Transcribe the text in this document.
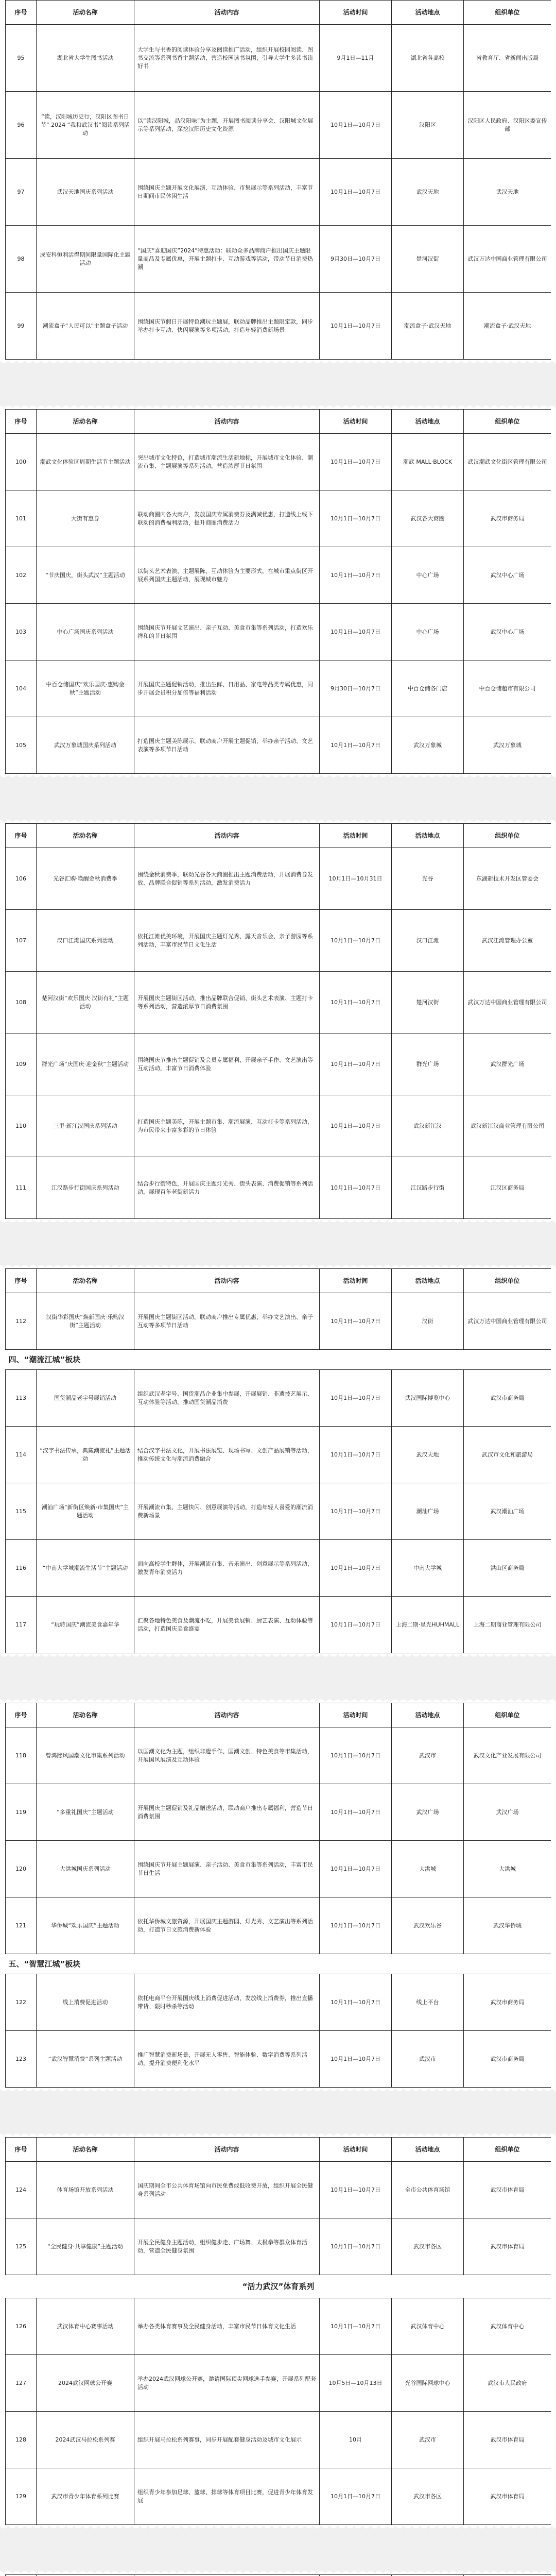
序号	活动名称	活动内容	活动时间	活动地点	组织单位
95	湖北省大学生图书活动	大学生与书香的阅读体验分享及阅读推广活动，组织开展校园阅读、图书交流等系列书香主题活动，营造校园读书氛围，引导大学生多读书读好书	9月1日—11月	湖北省各高校	省教育厅、省新闻出版局
96	“读，汉阳城历史行，汉阳区图书日节” 2024 “我和武汉书”阅读系列活动	以“读汉阳城，品汉阳味”为主题，开展图书阅读分享会、汉阳城文化展示等系列活动，深挖汉阳历史文化资源	10月1日—10月7日	汉阳区	汉阳区人民政府、汉阳区委宣传部
97	武汉天地国庆系列活动	围绕国庆主题开展文化展演、互动体验、市集展示等系列活动，丰富节日期间市民休闲生活	10月1日—10月7日	武汉天地	武汉天地
98	成安科恒利活得期间限量国际化主题活动	“国庆“喜迎国庆”2024”特惠活动：联动众多品牌商户推出国庆主题限量商品及专属优惠，开展主题打卡、互动游戏等活动，带动节日消费热潮	9月30日—10月7日	楚河汉街	武汉万达中国商业管理有限公司
99	潮流盒子“人民可以”主题盒子活动	围绕国庆节假日开展特色潮玩主题展，联动品牌推出主题限定款，同步举办打卡互动、快闪展演等多项活动，打造年轻消费新场景	10月1日—10月7日	潮流盒子·武汉天地	潮流盒子·武汉天地
序号	活动名称	活动内容	活动时间	活动地点	组织单位
100	潮武文化体验区周期生活节主题活动	突出城市文化特色，打造城市潮流生活新地标，开展城市文化体验、潮流市集、主题展演等系列活动，营造浓厚节日氛围	10月1日—10月7日	潮武 MALL·BLOCK	武汉潮武文化街区管理有限公司
101	大街有惠券	联动商圈内各大商户，发放国庆专属消费券及满减优惠，打造线上线下联动的消费福利活动，提升商圈消费活力	10月1日—10月7日	武汉各大商圈	武汉市商务局
102	“节庆国庆，街头武汉”主题活动	以街头艺术表演、主题展陈、互动体验为主要形式，在城市重点街区开展系列国庆主题活动，展现城市魅力	10月1日—10月7日	中心广场	武汉中心广场
103	中心广场国庆系列活动	围绕国庆节开展文艺演出、亲子互动、美食市集等系列活动，打造欢乐祥和的节日氛围	10月1日—10月7日	中心广场	武汉中心广场
104	中百仓储国庆“欢乐国庆·惠购金秋”主题活动	开展国庆主题促销活动，推出生鲜、日用品、家电等品类专属优惠，同步开展会员积分加倍等福利活动	9月30日—10月7日	中百仓储各门店	中百仓储超市有限公司
105	武汉万象城国庆系列活动	打造国庆主题美陈展示，联动商户开展主题促销，举办亲子活动、文艺表演等多项节日活动	10月1日—10月7日	武汉万象城	武汉万象城
序号	活动名称	活动内容	活动时间	活动地点	组织单位
106	光谷汇购·唤醒金秋消费季	围绕金秋消费季，联动光谷各大商圈推出主题消费活动，开展消费券发放、品牌联合促销等系列活动，激发消费活力	10月1日—10月31日	光谷	东湖新技术开发区管委会
107	汉口江滩国庆系列活动	依托江滩优美环境，开展国庆主题灯光秀、露天音乐会、亲子游园等系列活动，丰富市民节日文化生活	10月1日—10月7日	汉口江滩	武汉江滩管理办公室
108	楚河汉街“欢乐国庆·汉街有礼”主题活动	开展国庆主题街区活动，推出品牌联合促销、街头艺术表演、主题打卡等系列活动，营造浓厚节日消费氛围	10月1日—10月7日	楚河汉街	武汉万达中国商业管理有限公司
109	群光广场“庆国庆·迎金秋”主题活动	围绕国庆节推出主题促销及会员专属福利，开展亲子手作、文艺演出等互动活动，丰富节日消费体验	10月1日—10月7日	群光广场	武汉群光广场
110	三里·新江汉国庆系列活动	打造国庆主题美陈，开展主题市集、潮流展演、互动打卡等系列活动，为市民带来丰富多彩的节日体验	10月1日—10月7日	武汉新江汉	武汉新江汉商业管理有限公司
111	江汉路步行街国庆系列活动	结合步行街特色，开展国庆主题灯光秀、街头表演、消费促销等系列活动，展现百年老街新活力	10月1日—10月7日	江汉路步行街	江汉区商务局
序号	活动名称	活动内容	活动时间	活动地点	组织单位
112	汉街华彩国庆“焕新国庆·乐购汉街”主题活动	开展国庆主题街区活动，联动商户推出专属优惠，举办文艺演出、亲子互动等多项节日活动	10月1日—10月7日	汉街	武汉万达中国商业管理有限公司
四、“潮流江城”板块					
113	国货潮品老字号展销活动	组织武汉老字号、国货潮品企业集中参展，开展展销、非遗技艺展示、互动体验等活动，推动国货潮品消费	10月1日—10月7日	武汉国际博览中心	武汉市商务局
114	“汉字书法传承，典藏潮流礼”主题活动	结合汉字书法文化，开展书法展览、现场书写、文创产品展销等活动，推动传统文化与潮流消费融合	10月1日—10月7日	武汉天地	武汉市文化和旅游局
115	潮汕广场“新街区焕新·市集国庆”主题活动	开展潮流市集、主题快闪、创意展演等活动，打造年轻人喜爱的潮流消费新场景	10月1日—10月7日	潮汕广场	武汉潮汕广场
116	“中南大学城潮流生活节”主题活动	面向高校学生群体，开展潮流市集、音乐演出、创意展示等系列活动，激发青年消费活力	10月1日—10月7日	中南大学城	洪山区商务局
117	“玩转国庆”潮流美食嘉年华	汇聚各地特色美食及潮流小吃，开展美食展销、厨艺表演、互动体验等活动，打造国庆美食盛宴	10月1日—10月7日	上海二期·星光HUHMALL	上海二期商业管理有限公司
序号	活动名称	活动内容	活动时间	活动地点	组织单位
118	曾鸿熙风国潮文化市集系列活动	以国潮文化为主题，组织非遗手作、国潮文创、特色美食等市集活动，开展国风展演及互动体验	10月1日—10月7日	武汉市	武汉文化产业发展有限公司
119	“多重礼国庆”主题活动	开展国庆主题促销及礼品赠送活动，联动商户推出专属福利，营造节日消费氛围	10月1日—10月7日	武汉广场	武汉广场
120	大洪城国庆系列活动	围绕国庆节开展主题展演、亲子活动、美食市集等系列活动，丰富市民节日生活	10月1日—10月7日	大洪城	大洪城
121	华侨城“欢乐国庆”主题活动	依托华侨城文旅资源，开展国庆主题游园、灯光秀、文艺演出等系列活动，打造节日文旅消费新体验	10月1日—10月7日	武汉欢乐谷	武汉华侨城
五、“智慧江城”板块					
122	线上消费促进活动	依托电商平台开展国庆线上消费促进活动，发放线上消费券，推出直播带货、限时秒杀等活动	10月1日—10月7日	线上平台	武汉市商务局
123	“武汉智慧消费”系列主题活动	推广智慧消费新场景，开展无人零售、智能体验、数字消费等系列活动，提升消费便利化水平	10月1日—10月7日	武汉市	武汉市商务局
序号	活动名称	活动内容	活动时间	活动地点	组织单位
124	体育场馆开放系列活动	国庆期间全市公共体育场馆向市民免费或低收费开放，组织开展全民健身系列活动	10月1日—10月7日	全市公共体育场馆	武汉市体育局
125	“全民健身·共享健康”主题活动	开展全民健身主题活动，组织健步走、广场舞、太极拳等群众体育活动，营造全民健身氛围	10月1日—10月7日	武汉市各区	武汉市体育局
“活力武汉”体育系列					
126	武汉体育中心赛事活动	举办各类体育赛事及全民健身活动，丰富市民节日体育文化生活	10月1日—10月7日	武汉体育中心	武汉体育中心
127	2024武汉网球公开赛	举办2024武汉网球公开赛，邀请国际顶尖网球选手参赛，开展系列配套活动	10月5日—10月13日	光谷国际网球中心	武汉市人民政府
128	2024武汉马拉松系列赛	组织开展马拉松系列赛事，同步开展配套健身活动及城市文化展示	10月	武汉市	武汉市体育局
129	武汉市青少年体育系列比赛	组织青少年参加足球、篮球、排球等体育项目比赛，促进青少年体育发展	10月1日—10月7日	武汉市各区	武汉市体育局
